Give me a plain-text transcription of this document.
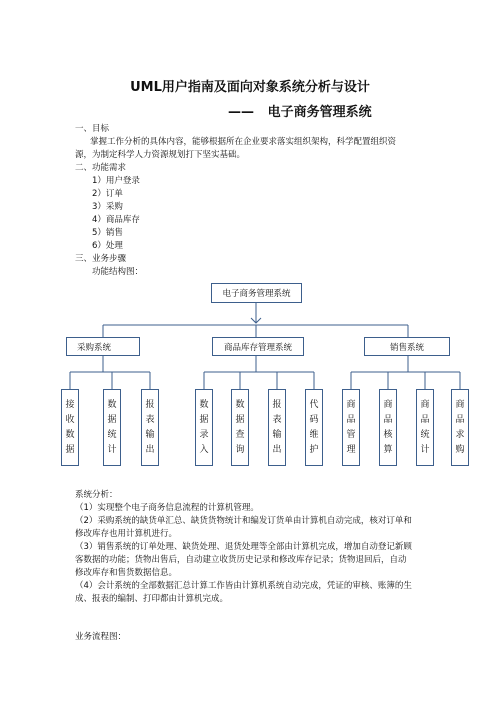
UML用户指南及面向对象系统分析与设计
——   电子商务管理系统
一、目标
掌握工作分析的具体内容，能够根据所在企业要求落实组织架构，科学配置组织资
源，为制定科学人力资源规划打下坚实基础。
二、功能需求
1）用户登录
2）订单
3）采购
4）商品库存
5）销售
6）处理
三、业务步骤
功能结构图：
电子商务管理系统
采购系统	商品库存管理系统	销售系统
接
收
数
据
数
据
统
计
报
表
输
出
数
据
录
入
数
据
查
询
报
表
输
出
代
码
维
护
商
品
管
理
商
品
核
算
商
品
统
计
商
品
求
购
系统分析：
（1）实现整个电子商务信息流程的计算机管理。
（2）采购系统的缺货单汇总、缺货货物统计和编发订货单由计算机自动完成，核对订单和
修改库存也用计算机进行。
（3）销售系统的订单处理、缺货处理、退货处理等全部由计算机完成，增加自动登记新顾
客数据的功能；货物出售后，自动建立收货历史记录和修改库存记录；货物退回后，自动
修改库存和售货数据信息。
（4）会计系统的全部数据汇总计算工作皆由计算机系统自动完成，凭证的审核、账簿的生
成、报表的编制、打印都由计算机完成。
业务流程图：
